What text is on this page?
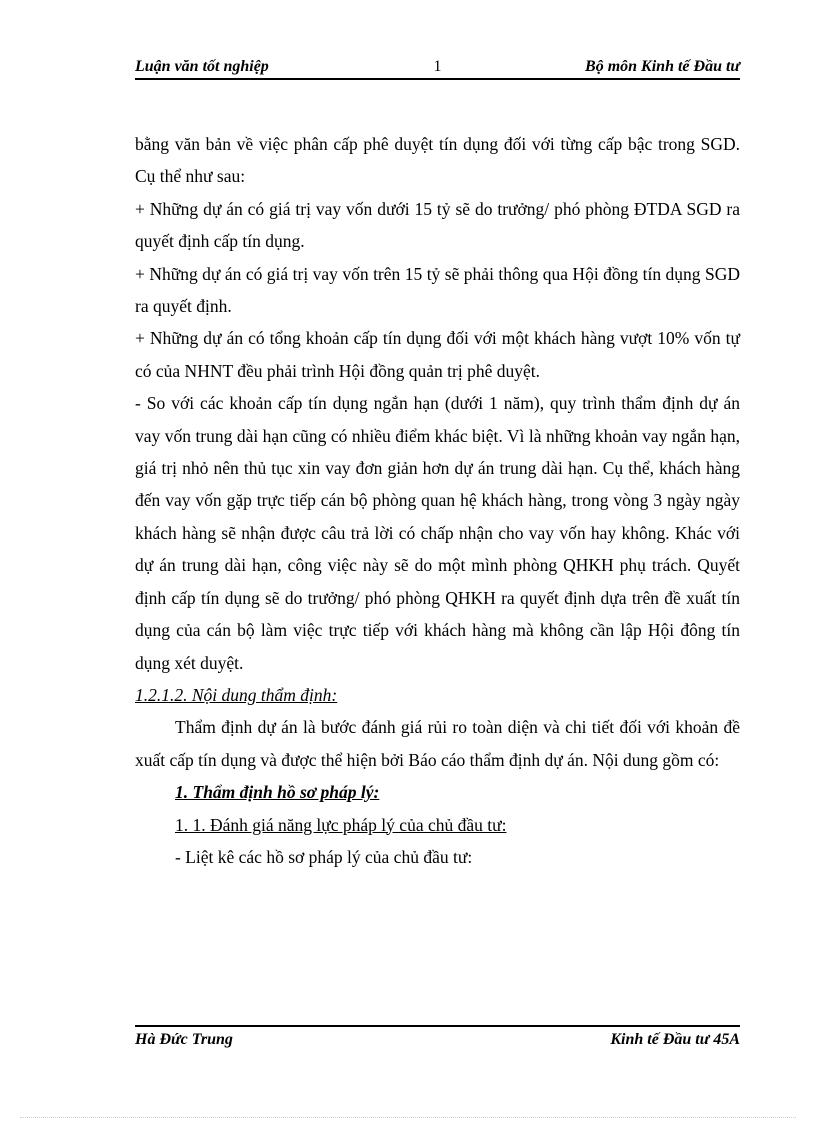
Luận văn tốt nghiệp	1	Bộ môn Kinh tế Đầu tư

bằng văn bản về việc phân cấp phê duyệt tín dụng đối với từng cấp bậc trong SGD. Cụ thể như sau:

+ Những dự án có giá trị vay vốn dưới 15 tỷ sẽ do trưởng/ phó phòng ĐTDA SGD ra quyết định cấp tín dụng.

+ Những dự án có giá trị vay vốn trên 15 tỷ sẽ phải thông qua Hội đồng tín dụng SGD ra quyết định.

+ Những dự án có tổng khoản cấp tín dụng đối với một khách hàng vượt 10% vốn tự có của NHNT đều phải trình Hội đồng quản trị phê duyệt.

- So với các khoản cấp tín dụng ngắn hạn (dưới 1 năm), quy trình thẩm định dự án vay vốn trung dài hạn cũng có nhiều điểm khác biệt. Vì là những khoản vay ngắn hạn, giá trị nhỏ nên thủ tục xin vay đơn giản hơn dự án trung dài hạn. Cụ thể, khách hàng đến vay vốn gặp trực tiếp cán bộ phòng quan hệ khách hàng, trong vòng 3 ngày ngày khách hàng sẽ nhận được câu trả lời có chấp nhận cho vay vốn hay không. Khác với dự án trung dài hạn, công việc này sẽ do một mình phòng QHKH phụ trách. Quyết định cấp tín dụng sẽ do trưởng/ phó phòng QHKH ra quyết định dựa trên đề xuất tín dụng của cán bộ làm việc trực tiếp với khách hàng mà không cần lập Hội đông tín dụng xét duyệt.

1.2.1.2. Nội dung thẩm định:

Thẩm định dự án là bước đánh giá rủi ro toàn diện và chi tiết đối với khoản đề xuất cấp tín dụng và được thể hiện bởi Báo cáo thẩm định dự án. Nội dung gồm có:

1. Thẩm định hồ sơ pháp lý:

1. 1. Đánh giá năng lực pháp lý của chủ đầu tư:

- Liệt kê các hồ sơ pháp lý của chủ đầu tư:

Hà Đức Trung	Kinh tế Đầu tư 45A
